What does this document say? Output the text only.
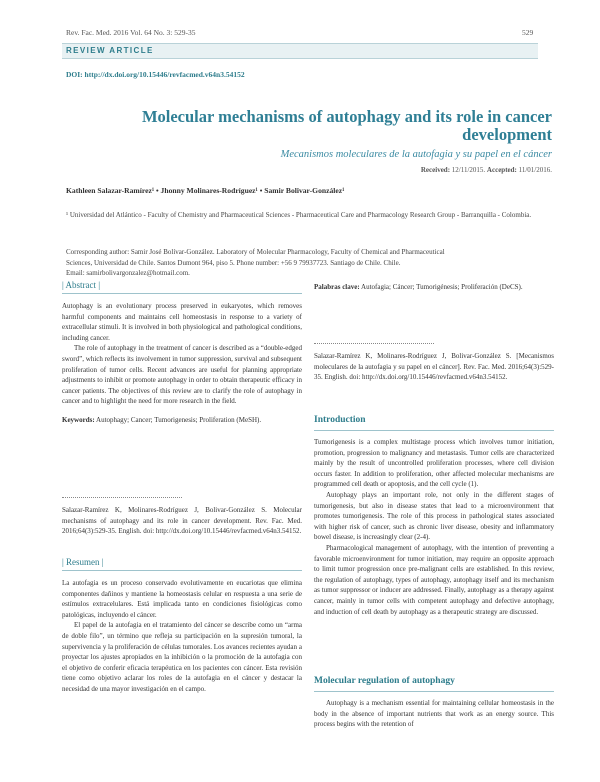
Rev. Fac. Med. 2016 Vol. 64 No. 3: 529-35	529
REVIEW ARTICLE
DOI: http://dx.doi.org/10.15446/revfacmed.v64n3.54152
Molecular mechanisms of autophagy and its role in cancer development
Mecanismos moleculares de la autofagia y su papel en el cáncer
Received: 12/11/2015. Accepted: 11/01/2016.
Kathleen Salazar-Ramírez¹ • Jhonny Molinares-Rodríguez¹ • Samir Bolivar-González¹
¹ Universidad del Atlántico - Faculty of Chemistry and Pharmaceutical Sciences - Pharmaceutical Care and Pharmacology Research Group - Barranquilla - Colombia.
Corresponding author: Samir José Bolívar-González. Laboratory of Molecular Pharmacology, Faculty of Chemical and Pharmaceutical
Sciences, Universidad de Chile. Santos Dumont 964, piso 5. Phone number: +56 9 79937723. Santiago de Chile. Chile.
Email: samirbolivargonzalez@hotmail.com.
| Abstract |

Autophagy is an evolutionary process preserved in eukaryotes, which removes harmful components and maintains cell homeostasis in response to a variety of extracellular stimuli. It is involved in both physiological and pathological conditions, including cancer.

The role of autophagy in the treatment of cancer is described as a “double-edged sword”, which reflects its involvement in tumor suppression, survival and subsequent proliferation of tumor cells. Recent advances are useful for planning appropriate adjustments to inhibit or promote autophagy in order to obtain therapeutic efficacy in cancer patients. The objectives of this review are to clarify the role of autophagy in cancer and to highlight the need for more research in the field.

Keywords: Autophagy; Cancer; Tumorigenesis; Proliferation (MeSH).

Salazar-Ramírez K, Molinares-Rodríguez J, Bolivar-González S. Molecular mechanisms of autophagy and its role in cancer development. Rev. Fac. Med. 2016;64(3):529-35. English. doi: http://dx.doi.org/10.15446/revfacmed.v64n3.54152.
| Resumen |

La autofagia es un proceso conservado evolutivamente en eucariotas que elimina componentes dañinos y mantiene la homeostasis celular en respuesta a una serie de estímulos extracelulares. Está implicada tanto en condiciones fisiológicas como patológicas, incluyendo el cáncer.

El papel de la autofagia en el tratamiento del cáncer se describe como un “arma de doble filo”, un término que refleja su participación en la supresión tumoral, la supervivencia y la proliferación de células tumorales. Los avances recientes ayudan a proyectar los ajustes apropiados en la inhibición o la promoción de la autofagia con el objetivo de conferir eficacia terapéutica en los pacientes con cáncer. Esta revisión tiene como objetivo aclarar los roles de la autofagia en el cáncer y destacar la necesidad de una mayor investigación en el campo.

Palabras clave: Autofagia; Cáncer; Tumorigénesis; Proliferación (DeCS).
Salazar-Ramírez K, Molinares-Rodríguez J, Bolivar-González S. [Mecanismos moleculares de la autofagia y su papel en el cáncer]. Rev. Fac. Med. 2016;64(3):529-35. English. doi: http://dx.doi.org/10.15446/revfacmed.v64n3.54152.
Introduction

Tumorigenesis is a complex multistage process which involves tumor initiation, promotion, progression to malignancy and metastasis. Tumor cells are characterized mainly by the result of uncontrolled proliferation processes, where cell division occurs faster. In addition to proliferation, other affected molecular mechanisms are programmed cell death or apoptosis, and the cell cycle (1).

Autophagy plays an important role, not only in the different stages of tumorigenesis, but also in disease states that lead to a microenvironment that promotes tumorigenesis. The role of this process in pathological states associated with higher risk of cancer, such as chronic liver disease, obesity and inflammatory bowel disease, is increasingly clear (2-4).

Pharmacological management of autophagy, with the intention of preventing a favorable microenvironment for tumor initiation, may require an opposite approach to limit tumor progression once pre-malignant cells are established. In this review, the regulation of autophagy, types of autophagy, autophagy itself and its mechanism as tumor suppressor or inducer are addressed. Finally, autophagy as a therapy against cancer, mainly in tumor cells with competent autophagy and defective autophagy, and induction of cell death by autophagy as a therapeutic strategy are discussed.

Molecular regulation of autophagy

Autophagy is a mechanism essential for maintaining cellular homeostasis in the body in the absence of important nutrients that work as an energy source. This process begins with the retention of
